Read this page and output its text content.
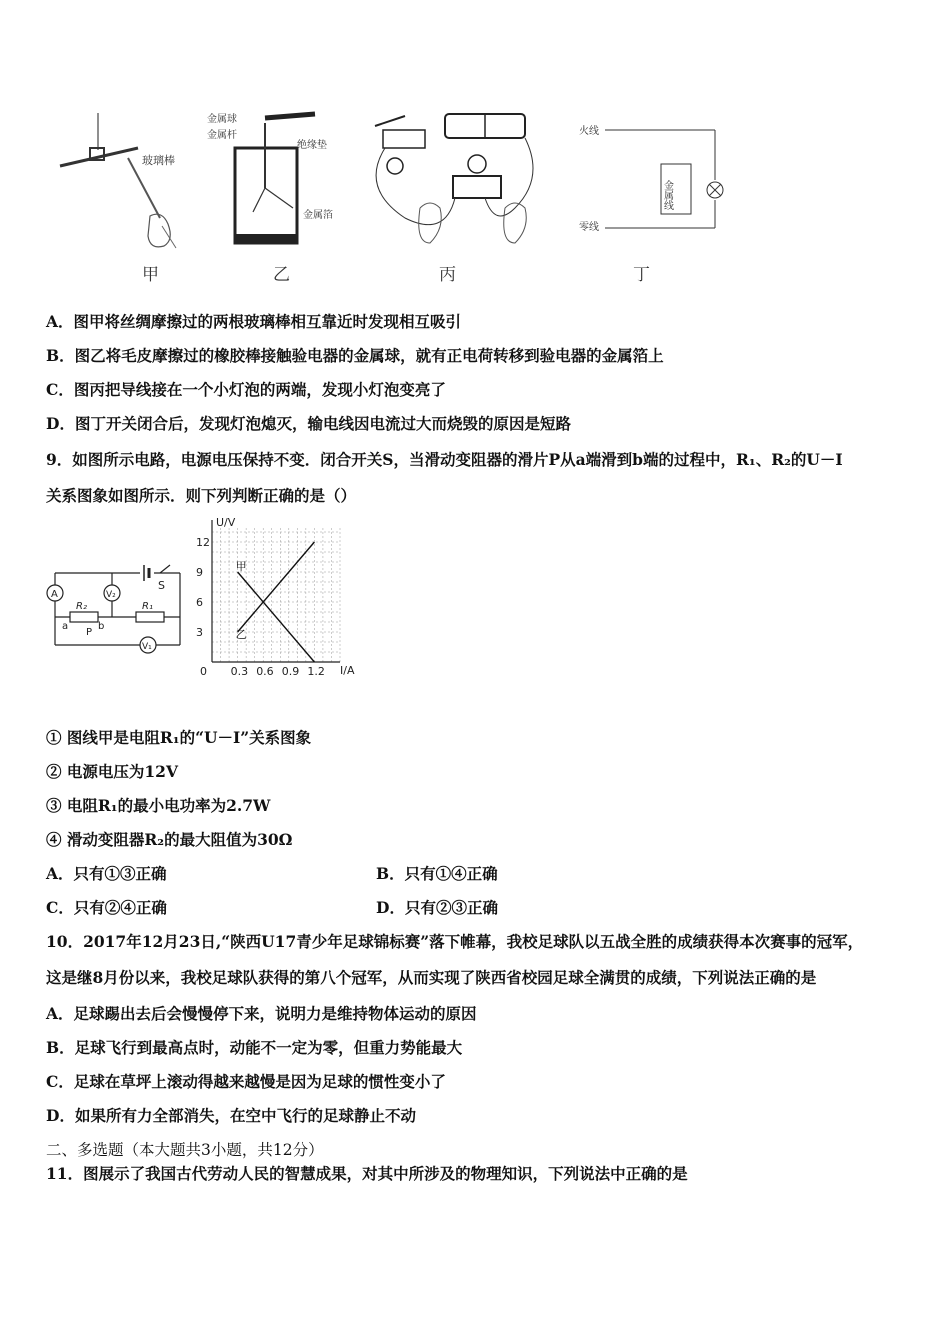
玻璃棒
甲
金属球
金属杆
绝缘垫
金属箔
乙	丙
火线
零线
金属线
丁
A．图甲将丝绸摩擦过的两根玻璃棒相互靠近时发现相互吸引
B．图乙将毛皮摩擦过的橡胶棒接触验电器的金属球，就有正电荷转移到验电器的金属箔上
C．图丙把导线接在一个小灯泡的两端，发现小灯泡变亮了
D．图丁开关闭合后，发现灯泡熄灭，输电线因电流过大而烧毁的原因是短路
9．如图所示电路，电源电压保持不变．闭合开关S，当滑动变阻器的滑片P从a端滑到b端的过程中，R₁、R₂的U－I
关系图象如图所示．则下列判断正确的是（）
S
A	V₂
R₂	R₁
a	b
P
V₁
0 0.3 0.6 0.9 1.2
3
6
9
12
甲
乙
U/V
I/A
① 图线甲是电阻R₁的“U－I”关系图象
② 电源电压为12V
③ 电阻R₁的最小电功率为2.7W
④ 滑动变阻器R₂的最大阻值为30Ω
A．只有①③正确	B．只有①④正确
C．只有②④正确	D．只有②③正确
10．2017年12月23日,“陕西U17青少年足球锦标赛”落下帷幕，我校足球队以五战全胜的成绩获得本次赛事的冠军，
这是继8月份以来，我校足球队获得的第八个冠军，从而实现了陕西省校园足球全满贯的成绩，下列说法正确的是
A．足球踢出去后会慢慢停下来，说明力是维持物体运动的原因
B．足球飞行到最高点时，动能不一定为零，但重力势能最大
C．足球在草坪上滚动得越来越慢是因为足球的惯性变小了
D．如果所有力全部消失，在空中飞行的足球静止不动
二、多选题（本大题共3小题，共12分）
11．图展示了我国古代劳动人民的智慧成果，对其中所涉及的物理知识，下列说法中正确的是
